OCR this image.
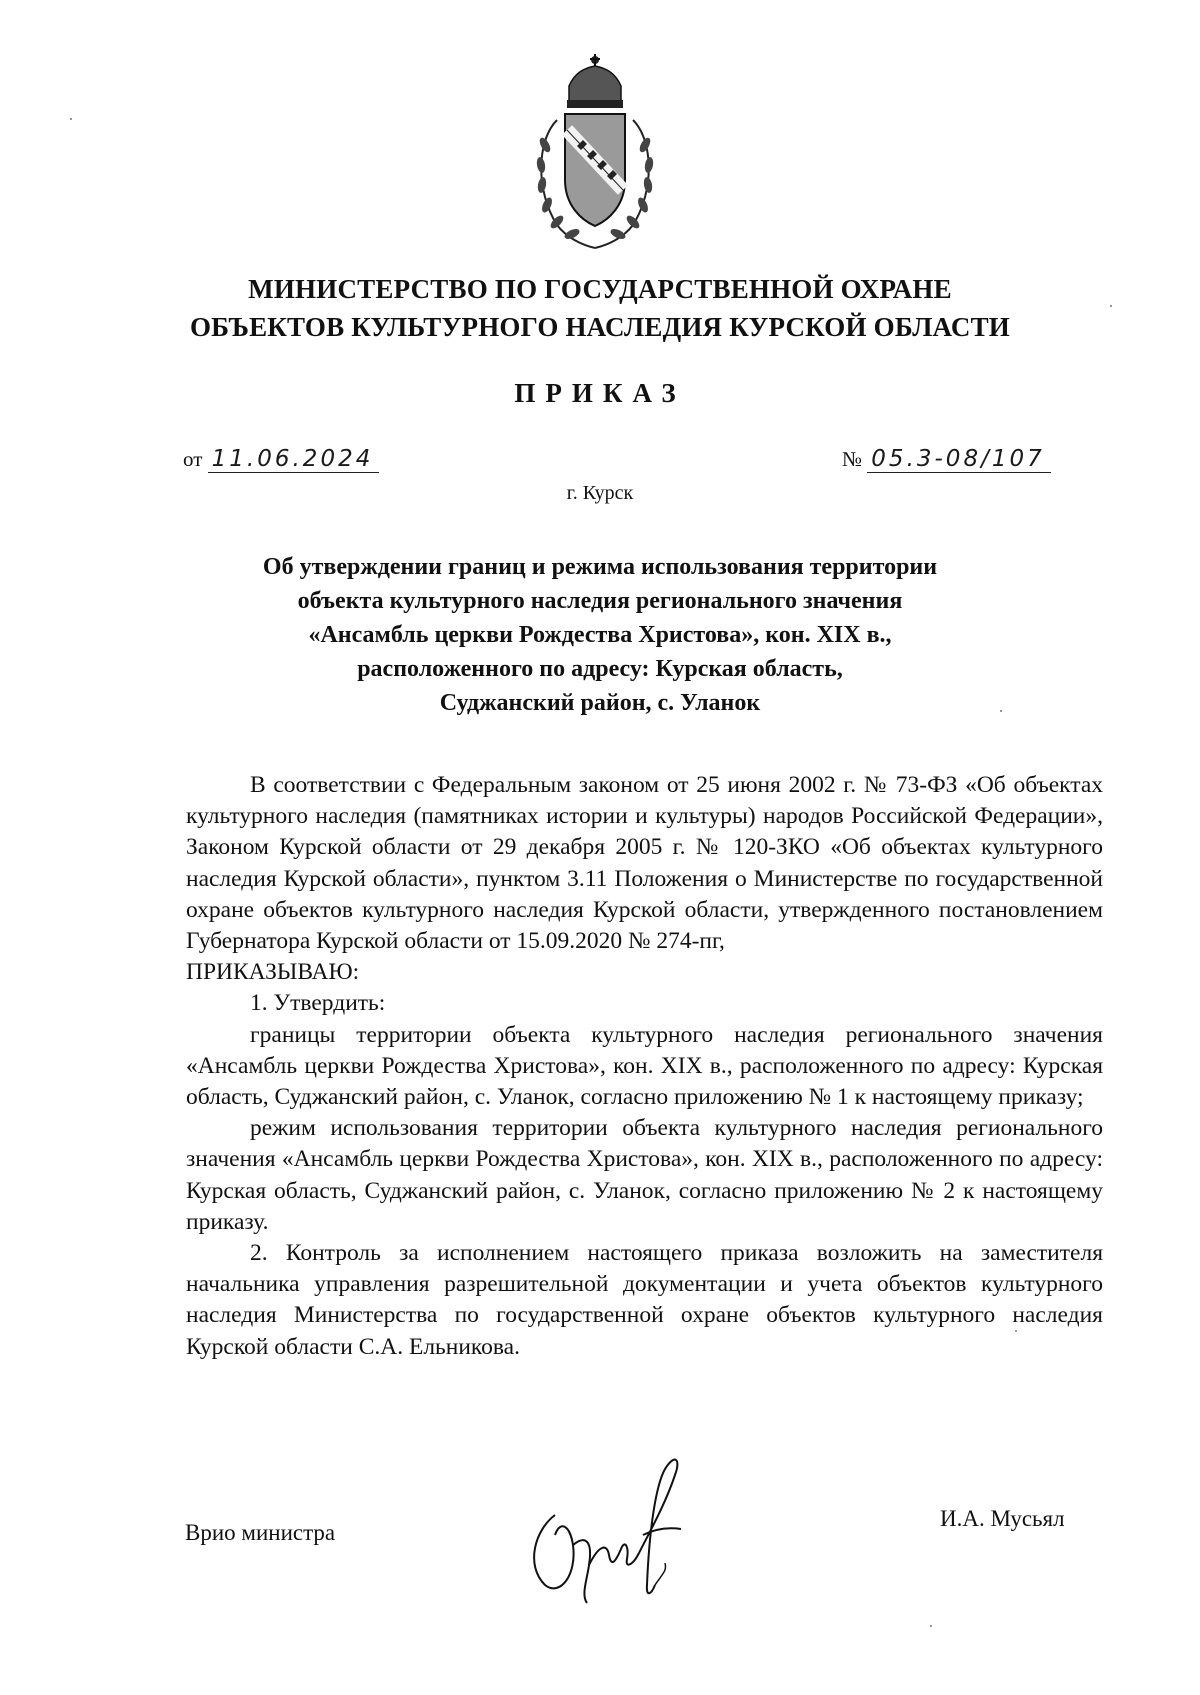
МИНИСТЕРСТВО ПО ГОСУДАРСТВЕННОЙ ОХРАНЕ
ОБЪЕКТОВ КУЛЬТУРНОГО НАСЛЕДИЯ КУРСКОЙ ОБЛАСТИ
ПРИКАЗ
от 11.06.2024	№ 05.3-08/107
г. Курск
Об утверждении границ и режима использования территории
объекта культурного наследия регионального значения
«Ансамбль церкви Рождества Христова», кон. XIX в.,
расположенного по адресу: Курская область,
Суджанский район, с. Уланок

В соответствии с Федеральным законом от 25 июня 2002 г. № 73-ФЗ «Об объектах культурного наследия (памятниках истории и культуры) народов Российской Федерации», Законом Курской области от 29 декабря 2005 г. № 120-ЗКО «Об объектах культурного наследия Курской области», пунктом 3.11 Положения о Министерстве по государственной охране объектов культурного наследия Курской области, утвержденного постановлением Губернатора Курской области от 15.09.2020 № 274-пг,

ПРИКАЗЫВАЮ:

1. Утвердить:

границы территории объекта культурного наследия регионального значения «Ансамбль церкви Рождества Христова», кон. XIX в., расположенного по адресу: Курская область, Суджанский район, с. Уланок, согласно приложению № 1 к настоящему приказу;

режим использования территории объекта культурного наследия регионального значения «Ансамбль церкви Рождества Христова», кон. XIX в., расположенного по адресу: Курская область, Суджанский район, с. Уланок, согласно приложению № 2 к настоящему приказу.

2. Контроль за исполнением настоящего приказа возложить на заместителя начальника управления разрешительной документации и учета объектов культурного наследия Министерства по государственной охране объектов культурного наследия Курской области С.А. Ельникова.

Врио министра
И.А. Мусьял
